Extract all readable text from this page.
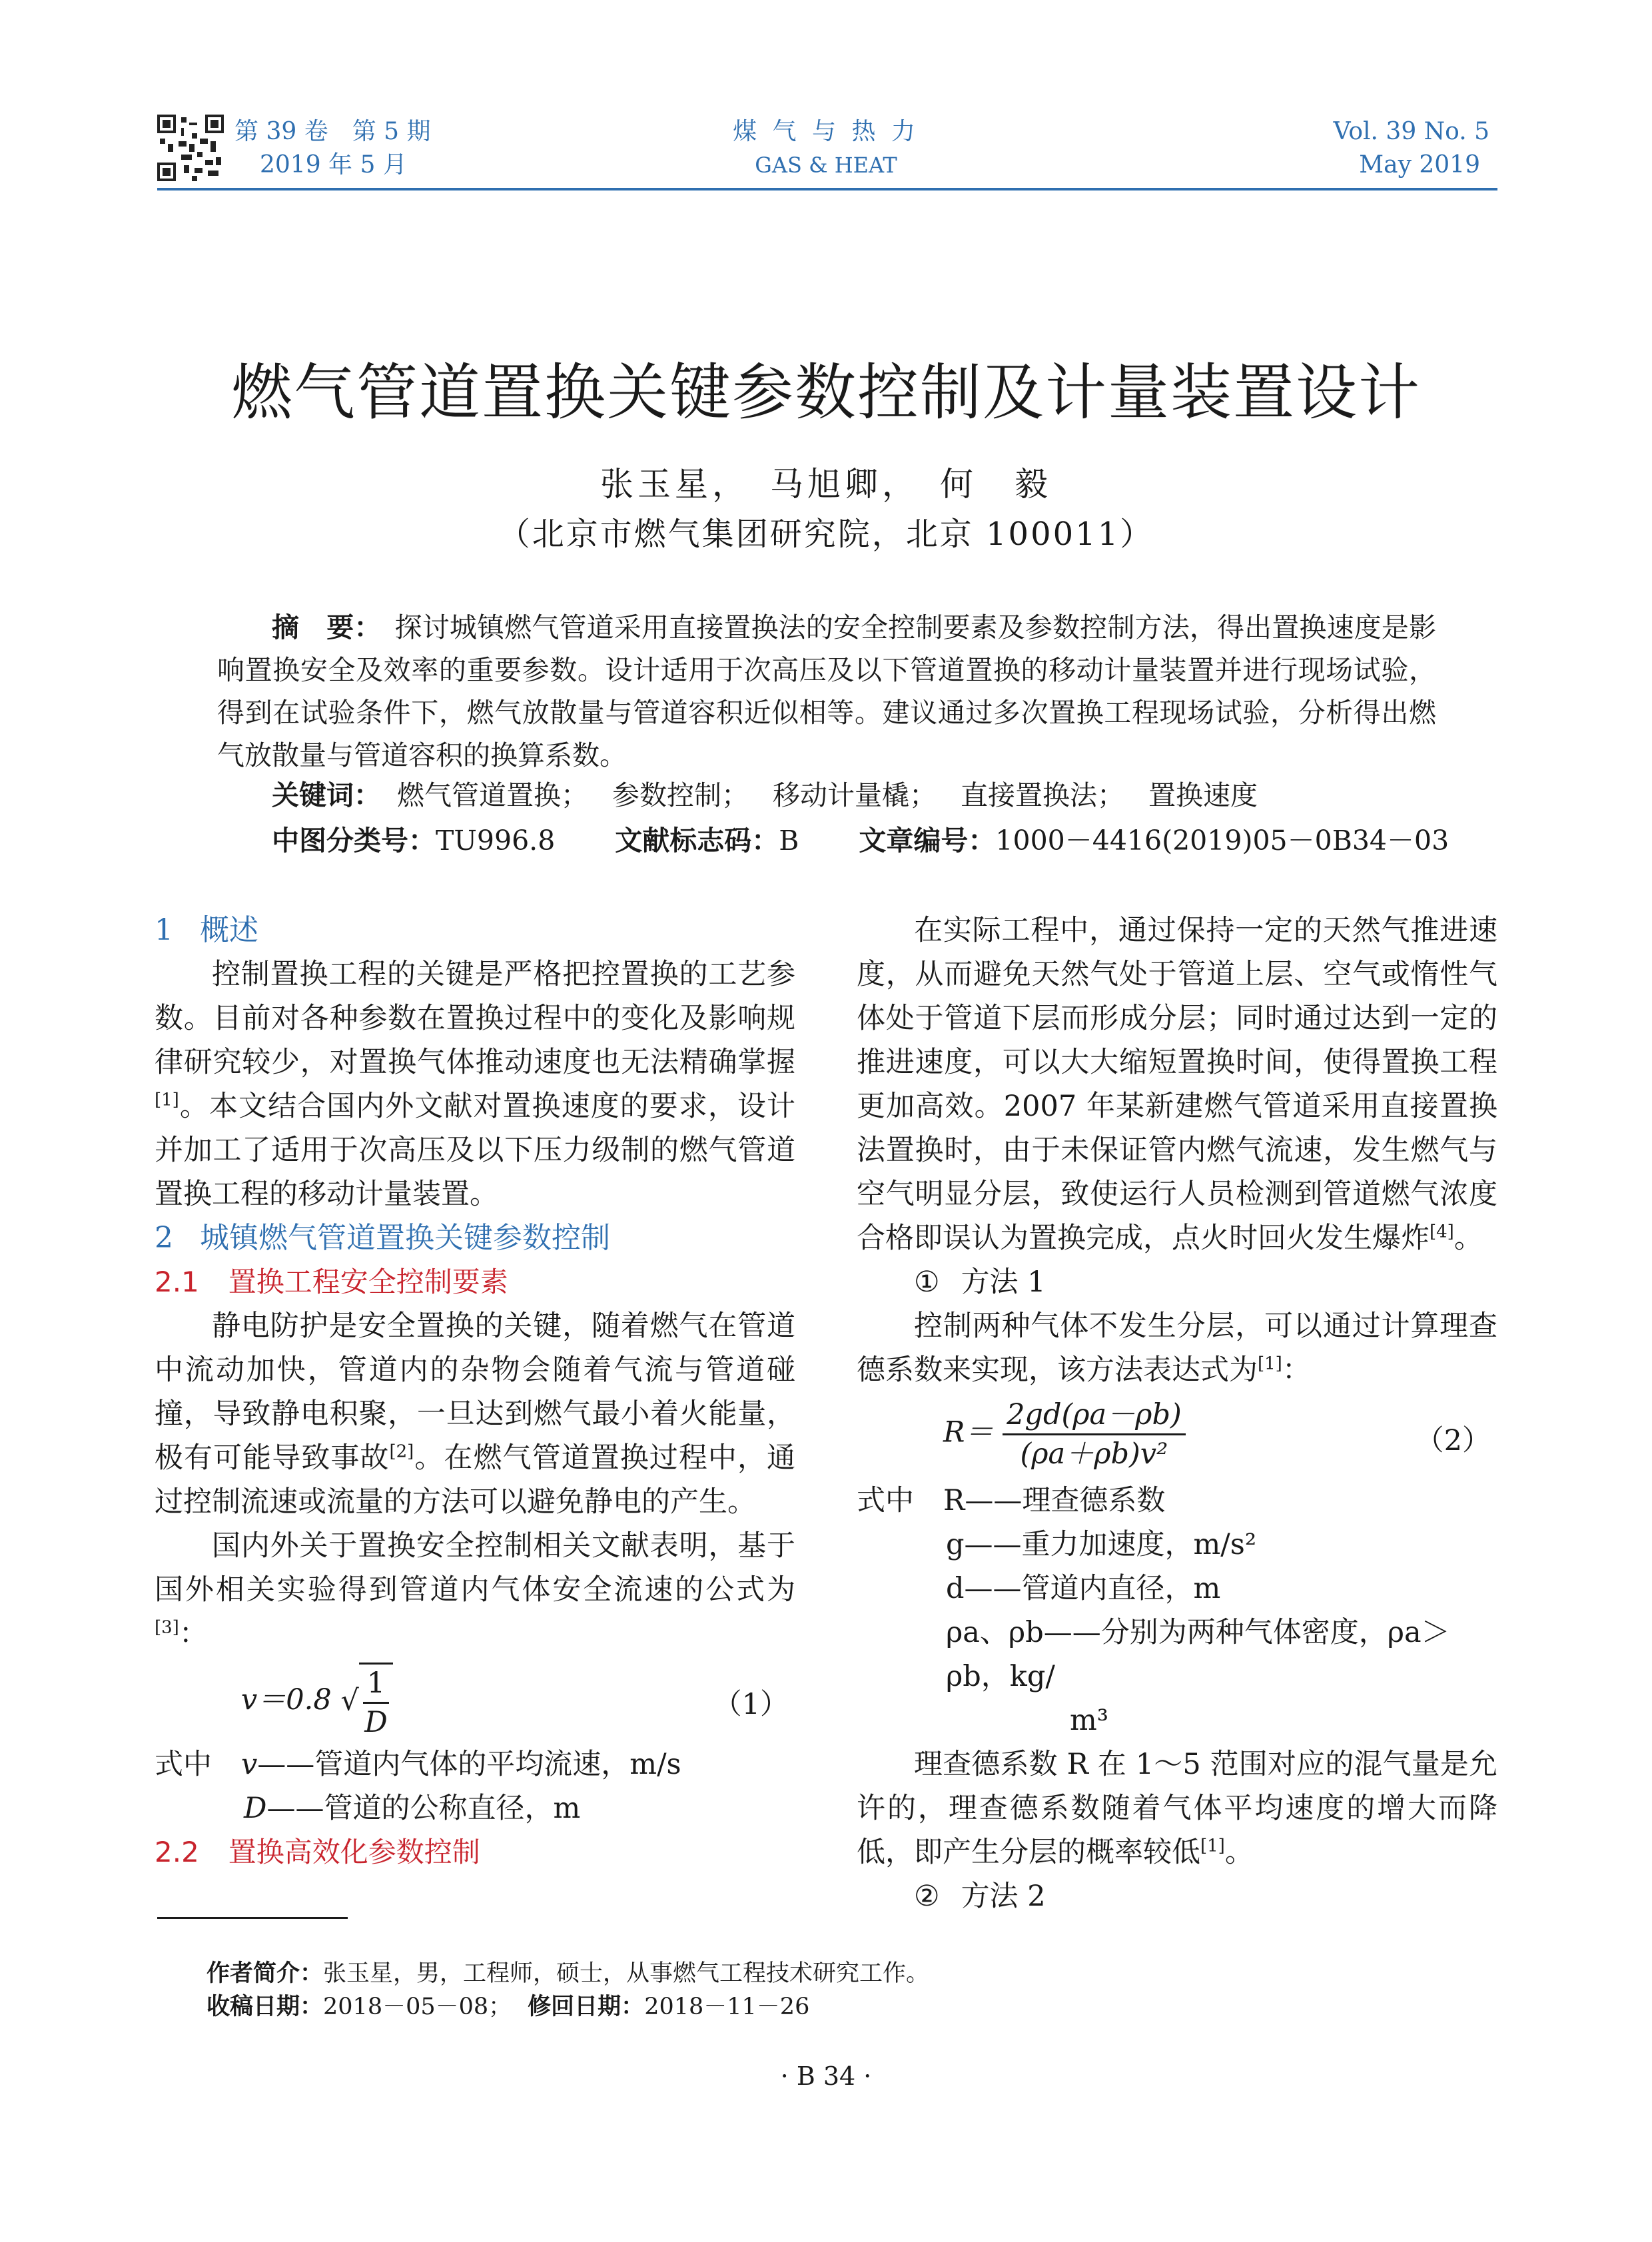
第 39 卷　第 5 期
2019 年 5 月
煤 气 与 热 力
GAS & HEAT
Vol. 39 No. 5
May 2019
燃气管道置换关键参数控制及计量装置设计
张玉星，　马旭卿，　何　毅
（北京市燃气集团研究院，北京 100011）
摘　要： 探讨城镇燃气管道采用直接置换法的安全控制要素及参数控制方法，得出置换速度是影响置换安全及效率的重要参数。设计适用于次高压及以下管道置换的移动计量装置并进行现场试验，得到在试验条件下，燃气放散量与管道容积近似相等。建议通过多次置换工程现场试验，分析得出燃气放散量与管道容积的换算系数。
关键词： 燃气管道置换； 参数控制； 移动计量橇； 直接置换法； 置换速度
中图分类号：TU996.8 文献标志码：B 文章编号：1000－4416(2019)05－0B34－03

1 概述

控制置换工程的关键是严格把控置换的工艺参数。目前对各种参数在置换过程中的变化及影响规律研究较少，对置换气体推动速度也无法精确掌握[1]。本文结合国内外文献对置换速度的要求，设计并加工了适用于次高压及以下压力级制的燃气管道置换工程的移动计量装置。

2 城镇燃气管道置换关键参数控制

2.1 置换工程安全控制要素

静电防护是安全置换的关键，随着燃气在管道中流动加快，管道内的杂物会随着气流与管道碰撞，导致静电积聚，一旦达到燃气最小着火能量，极有可能导致事故[2]。在燃气管道置换过程中，通过控制流速或流量的方法可以避免静电的产生。

国内外关于置换安全控制相关文献表明，基于国外相关实验得到管道内气体安全流速的公式为[3]：

v＝0.8 √ $\frac{1}{D}$	（1）
式中 v——管道内气体的平均流速，m/s
D——管道的公称直径，m

2.2 置换高效化参数控制

在实际工程中，通过保持一定的天然气推进速度，从而避免天然气处于管道上层、空气或惰性气体处于管道下层而形成分层；同时通过达到一定的推进速度，可以大大缩短置换时间，使得置换工程更加高效。2007 年某新建燃气管道采用直接置换法置换时，由于未保证管内燃气流速，发生燃气与空气明显分层，致使运行人员检测到管道燃气浓度合格即误认为置换完成，点火时回火发生爆炸[4]。

① 方法 1

控制两种气体不发生分层，可以通过计算理查德系数来实现，该方法表达式为[1]：

$R= \frac{2gd(\rho a-\rho b)}{\text{(ρa＋ρb)v²}}$	（2）
式中 R——理查德系数
g——重力加速度，m/s²
d——管道内直径，m
ρa、ρb——分别为两种气体密度，ρa＞ρb，kg/
m³

理查德系数 R 在 1～5 范围对应的混气量是允许的，理查德系数随着气体平均速度的增大而降低，即产生分层的概率较低[1]。

② 方法 2

作者简介：张玉星，男，工程师，硕士，从事燃气工程技术研究工作。
收稿日期：2018－05－08； 修回日期：2018－11－26
· B 34 ·
